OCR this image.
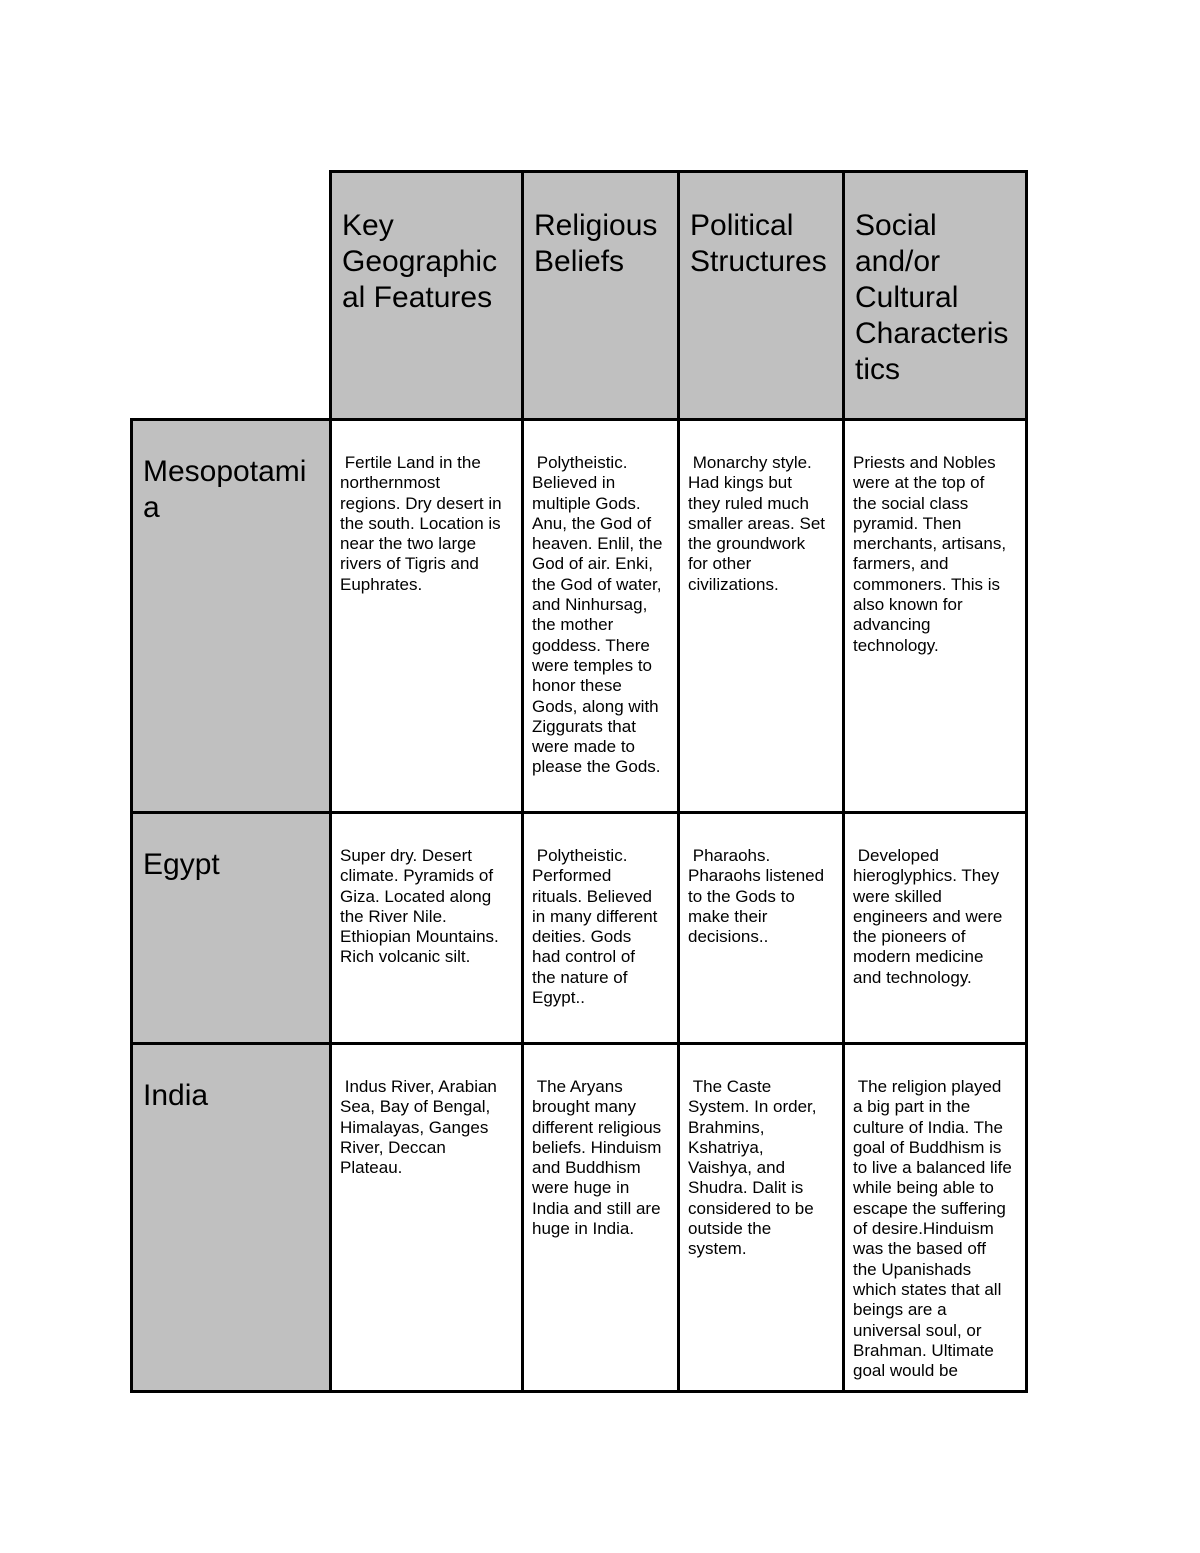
Key
Geographic
al Features
Religious
Beliefs
Political
Structures
Social
and/or
Cultural
Characteris
tics
Mesopotami
a
Fertile Land in the
northernmost
regions. Dry desert in
the south. Location is
near the two large
rivers of Tigris and
Euphrates.
Polytheistic.
Believed in
multiple Gods.
Anu, the God of
heaven. Enlil, the
God of air. Enki,
the God of water,
and Ninhursag,
the mother
goddess. There
were temples to
honor these
Gods, along with
Ziggurats that
were made to
please the Gods.
Monarchy style.
Had kings but
they ruled much
smaller areas. Set
the groundwork
for other
civilizations.
Priests and Nobles
were at the top of
the social class
pyramid. Then
merchants, artisans,
farmers, and
commoners. This is
also known for
advancing
technology.
Egypt	Super dry. Desert
climate. Pyramids of
Giza. Located along
the River Nile.
Ethiopian Mountains.
Rich volcanic silt.
Polytheistic.
Performed
rituals. Believed
in many different
deities. Gods
had control of
the nature of
Egypt..
Pharaohs.
Pharaohs listened
to the Gods to
make their
decisions..
Developed
hieroglyphics. They
were skilled
engineers and were
the pioneers of
modern medicine
and technology.
India	Indus River, Arabian
Sea, Bay of Bengal,
Himalayas, Ganges
River, Deccan
Plateau.
The Aryans
brought many
different religious
beliefs. Hinduism
and Buddhism
were huge in
India and still are
huge in India.
The Caste
System. In order,
Brahmins,
Kshatriya,
Vaishya, and
Shudra. Dalit is
considered to be
outside the
system.
The religion played
a big part in the
culture of India. The
goal of Buddhism is
to live a balanced life
while being able to
escape the suffering
of desire.Hinduism
was the based off
the Upanishads
which states that all
beings are a
universal soul, or
Brahman. Ultimate
goal would be
